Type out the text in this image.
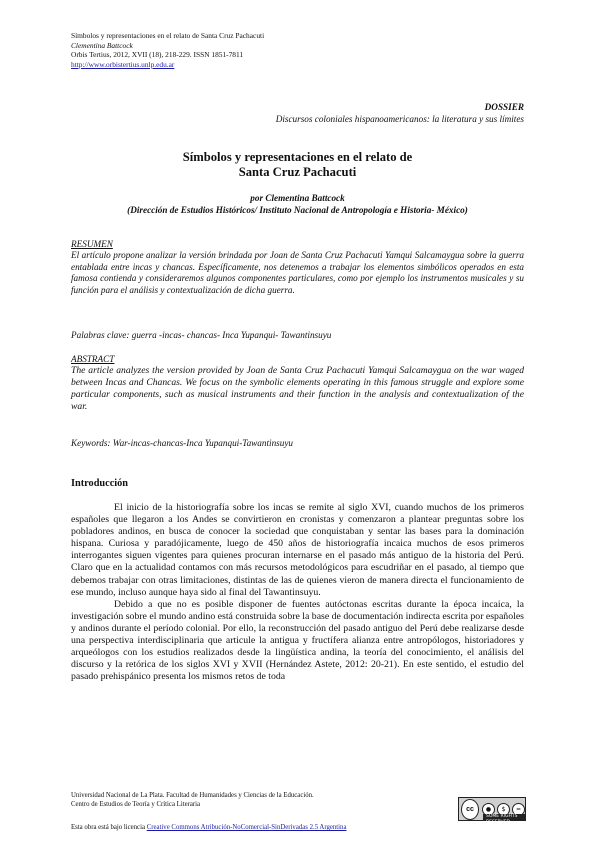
Símbolos y representaciones en el relato de Santa Cruz Pachacuti
Clementina Battcock
Orbis Tertius, 2012, XVII (18), 218-229. ISSN 1851-7811
http://www.orbistertius.unlp.edu.ar
DOSSIER
Discursos coloniales hispanoamericanos: la literatura y sus límites
Símbolos y representaciones en el relato de
Santa Cruz Pachacuti
por Clementina Battcock
(Dirección de Estudios Históricos/ Instituto Nacional de Antropología e Historia- México)
RESUMEN
El artículo propone analizar la versión brindada por Joan de Santa Cruz Pachacuti Yamqui Salcamaygua sobre la guerra entablada entre incas y chancas. Específicamente, nos detenemos a trabajar los elementos simbólicos operados en esta famosa contienda y consideraremos algunos componentes particulares, como por ejemplo los instrumentos musicales y su función para el análisis y contextualización de dicha guerra.
Palabras clave: guerra -incas- chancas- Inca Yupanqui- Tawantinsuyu
ABSTRACT
The article analyzes the version provided by Joan de Santa Cruz Pachacuti Yamqui Salcamaygua on the war waged between Incas and Chancas. We focus on the symbolic elements operating in this famous struggle and explore some particular components, such as musical instruments and their function in the analysis and contextualization of the war.
Keywords: War-incas-chancas-Inca Yupanqui-Tawantinsuyu
Introducción

El inicio de la historiografía sobre los incas se remite al siglo XVI, cuando muchos de los primeros españoles que llegaron a los Andes se convirtieron en cronistas y comenzaron a plantear preguntas sobre los pobladores andinos, en busca de conocer la sociedad que conquistaban y sentar las bases para la dominación hispana. Curiosa y paradójicamente, luego de 450 años de historiografía incaica muchos de esos primeros interrogantes siguen vigentes para quienes procuran internarse en el pasado más antiguo de la historia del Perú. Claro que en la actualidad contamos con más recursos metodológicos para escudriñar en el pasado, al tiempo que debemos trabajar con otras limitaciones, distintas de las de quienes vieron de manera directa el funcionamiento de ese mundo, incluso aunque haya sido al final del Tawantinsuyu.

Debido a que no es posible disponer de fuentes autóctonas escritas durante la época incaica, la investigación sobre el mundo andino está construida sobre la base de documentación indirecta escrita por españoles y andinos durante el período colonial. Por ello, la reconstrucción del pasado antiguo del Perú debe realizarse desde una perspectiva interdisciplinaria que articule la antigua y fructífera alianza entre antropólogos, historiadores y arqueólogos con los estudios realizados desde la lingüística andina, la teoría del conocimiento, el análisis del discurso y la retórica de los siglos XVI y XVII (Hernández Astete, 2012: 20-21). En este sentido, el estudio del pasado prehispánico presenta los mismos retos de toda

Universidad Nacional de La Plata. Facultad de Humanidades y Ciencias de la Educación.
Centro de Estudios de Teoría y Crítica Literaria
cc	●	$	=
SOME RIGHTS RESERVED
Esta obra está bajo licencia Creative Commons Atribución-NoComercial-SinDerivadas 2.5 Argentina
